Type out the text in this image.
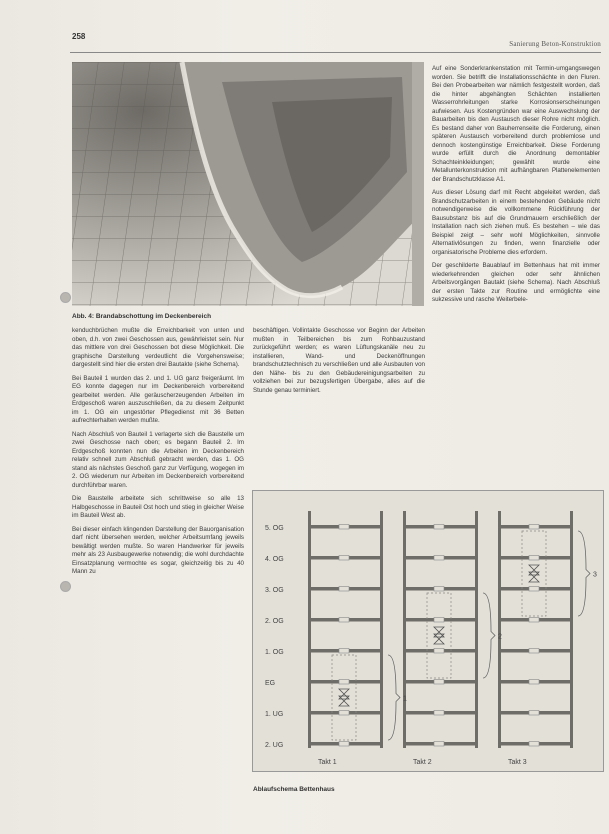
258
Sanierung Beton-Konstruktion
Abb. 4: Brandabschottung im Deckenbereich

kenduchbrüchen mußte die Erreichbarkeit von unten und oben, d.h. von zwei Geschossen aus, gewährleistet sein. Nur das mittlere von drei Geschossen bot diese Möglichkeit. Die graphische Darstellung verdeutlicht die Vorgehensweise; dargestellt sind hier die ersten drei Bautakte (siehe Schema).

Bei Bauteil 1 wurden das 2. und 1. UG ganz freigeräumt. Im EG konnte dagegen nur im Deckenbereich vorbereitend gearbeitet werden. Alle geräuscherzeugenden Arbeiten im Erdgeschoß waren auszuschließen, da zu diesem Zeitpunkt im 1. OG ein ungestörter Pflegedienst mit 36 Betten aufrechterhalten werden mußte.

Nach Abschluß von Bauteil 1 verlagerte sich die Baustelle um zwei Geschosse nach oben; es begann Bauteil 2. Im Erdgeschoß konnten nun die Arbeiten im Deckenbereich relativ schnell zum Abschluß gebracht werden, das 1. OG stand als nächstes Geschoß ganz zur Verfügung, wogegen im 2. OG wiederum nur Arbeiten im Deckenbereich vorbereitend durchführbar waren.

Die Baustelle arbeitete sich schrittweise so alle 13 Halbgeschosse in Bauteil Ost hoch und stieg in gleicher Weise im Bauteil West ab.

Bei dieser einfach klingenden Darstellung der Bauorganisation darf nicht übersehen werden, welcher Arbeitsumfang jeweils bewältigt werden mußte. So waren Handwerker für jeweils mehr als 23 Ausbaugewerke notwendig; die wohl durchdachte Einsatzplanung vermochte es sogar, gleichzeitig bis zu 40 Mann zu

beschäftigen. Vollintakte Geschosse vor Beginn der Arbeiten mußten in Teilbereichen bis zum Rohbauzustand zurückgeführt werden; es waren Lüftungskanäle neu zu installieren, Wand- und Deckenöffnungen brandschutztechnisch zu verschließen und alle Ausbauten von den Nähe- bis zu den Gebäudereinigungsarbeiten zu vollziehen bei zur bezugsfertigen Übergabe, alles auf die Stunde genau terminiert.

Auf eine Sonderkrankenstation mit Termin-umgangswegen worden. Sie betrifft die Installationsschächte in den Fluren. Bei den Probearbeiten war nämlich festgestellt worden, daß die hinter abgehängten Schächten installierten Wasserrohrleitungen starke Korrosionserscheinungen aufwiesen. Aus Kostengründen war eine Auswechslung der Bauarbeiten bis den Austausch dieser Rohre nicht möglich. Es bestand daher von Bauherrenseite die Forderung, einen späteren Austausch vorbereitend durch problemlose und dennoch kostengünstige Erreichbarkeit. Diese Forderung wurde erfüllt durch die Anordnung demontabler Schachteinkleidungen; gewählt wurde eine Metallunterkonstruktion mit aufhängbaren Plattenelementen der Brandschutzklasse A1.

Aus dieser Lösung darf mit Recht abgeleitet werden, daß Brandschutzarbeiten in einem bestehenden Gebäude nicht notwendigerweise die vollkommene Rückführung der Bausubstanz bis auf die Grundmauern erschließlich der Installation nach sich ziehen muß. Es bestehen – wie das Beispiel zeigt – sehr wohl Möglichkeiten, sinnvolle Alternativlösungen zu finden, wenn finanzielle oder organisatorische Probleme dies erfordern.

Der geschilderte Bauablauf im Bettenhaus hat mit immer wiederkehrenden gleichen oder sehr ähnlichen Arbeitsvorgängen Bautakt (siehe Schema). Nach Abschluß der ersten Takte zur Routine und ermöglichte eine sukzessive und rasche Weiterbele-

5. OG
4. OG
3. OG
2. OG
1. OG
EG
1. UG
2. UG
Takt 1	Takt 2	Takt 3
1
2
3
Ablaufschema Bettenhaus
